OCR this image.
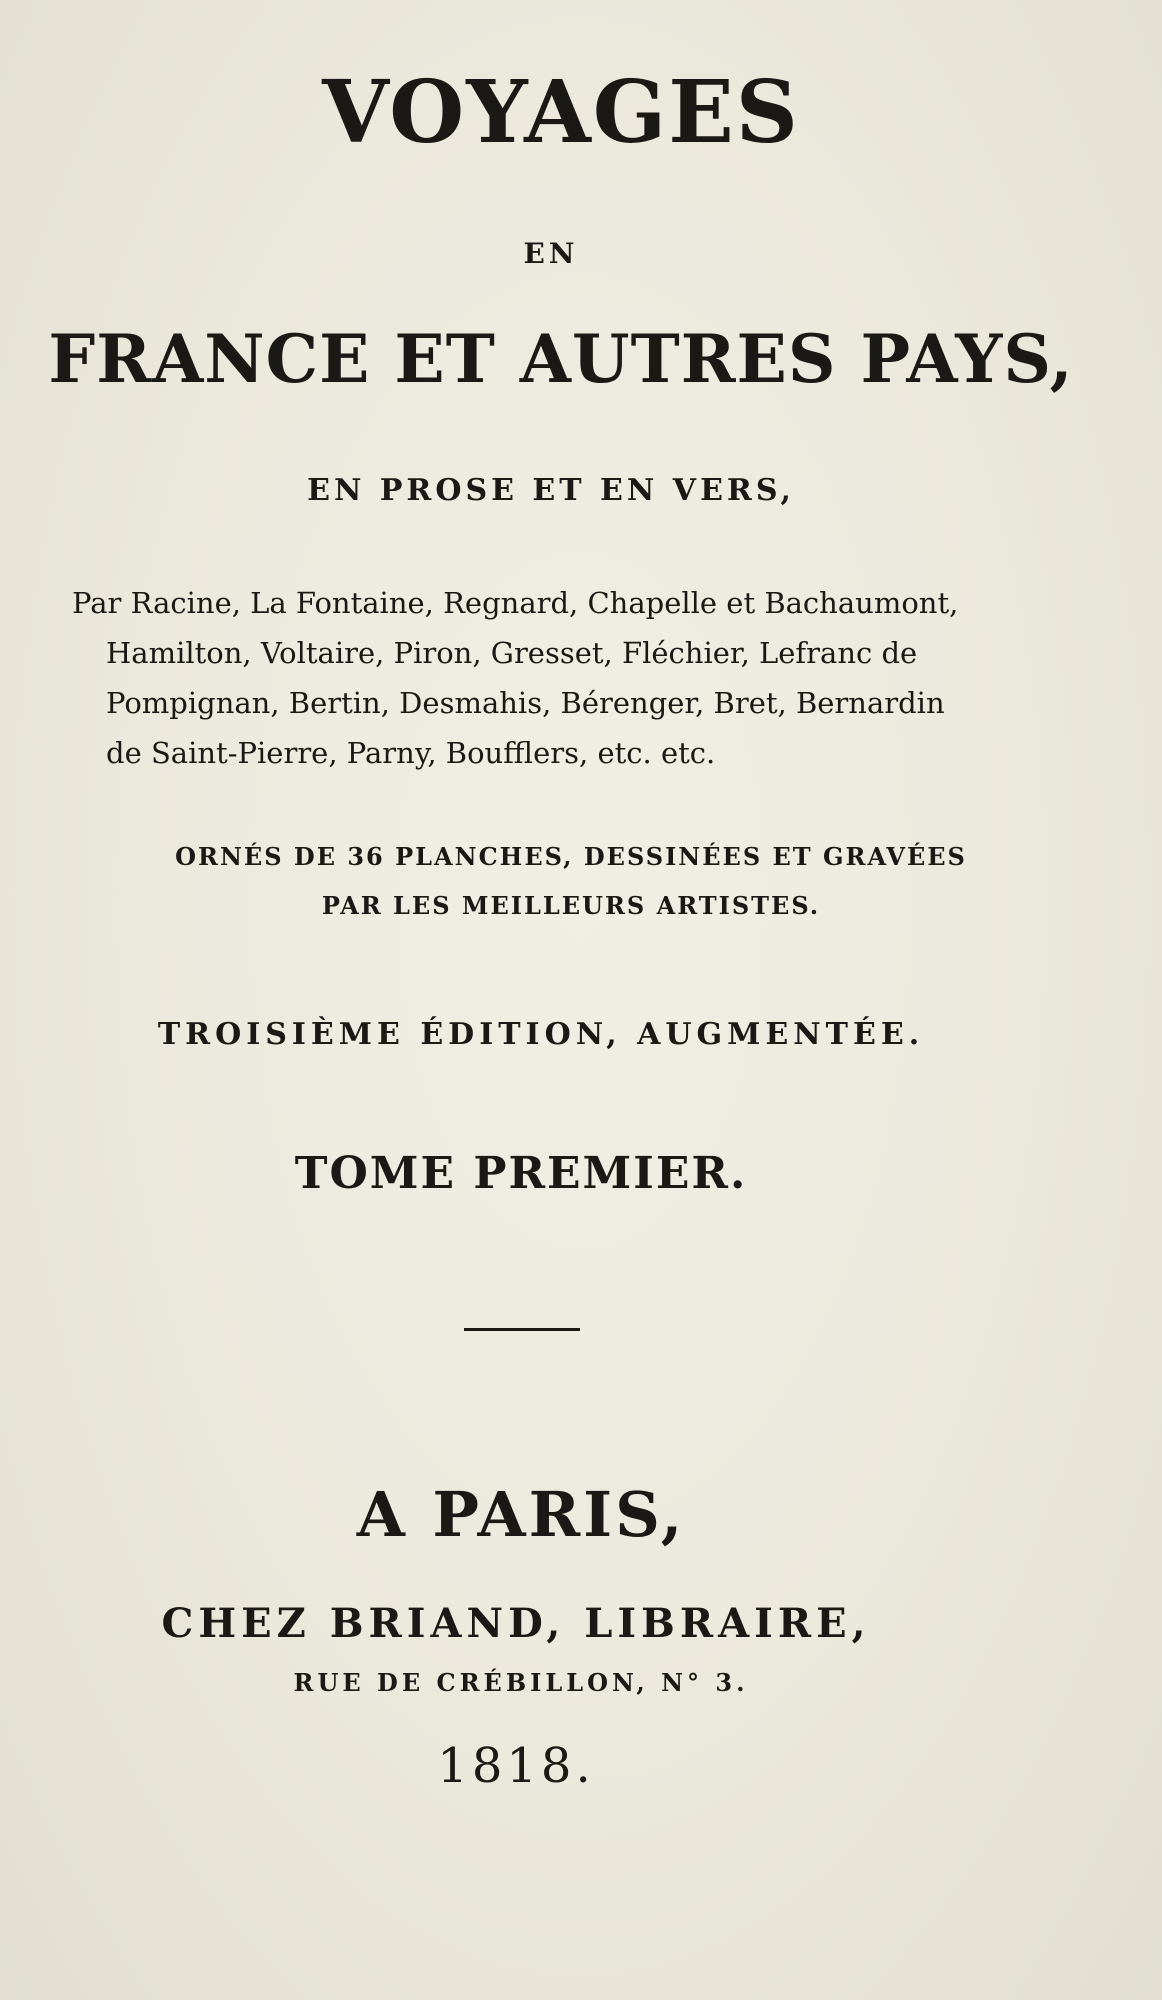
VOYAGES

EN

FRANCE ET AUTRES PAYS,

EN PROSE ET EN VERS,

Par Racine, La Fontaine, Regnard, Chapelle et Bachaumont,
Hamilton, Voltaire, Piron, Gresset, Fléchier, Lefranc de
Pompignan, Bertin, Desmahis, Bérenger, Bret, Bernardin
de Saint-Pierre, Parny, Boufflers, etc. etc.

ORNÉS DE 36 PLANCHES, DESSINÉES ET GRAVÉES

PAR LES MEILLEURS ARTISTES.

TROISIÈME ÉDITION, AUGMENTÉE.

TOME PREMIER.

A PARIS,

CHEZ BRIAND, LIBRAIRE,

RUE DE CRÉBILLON, N° 3.

1818.
